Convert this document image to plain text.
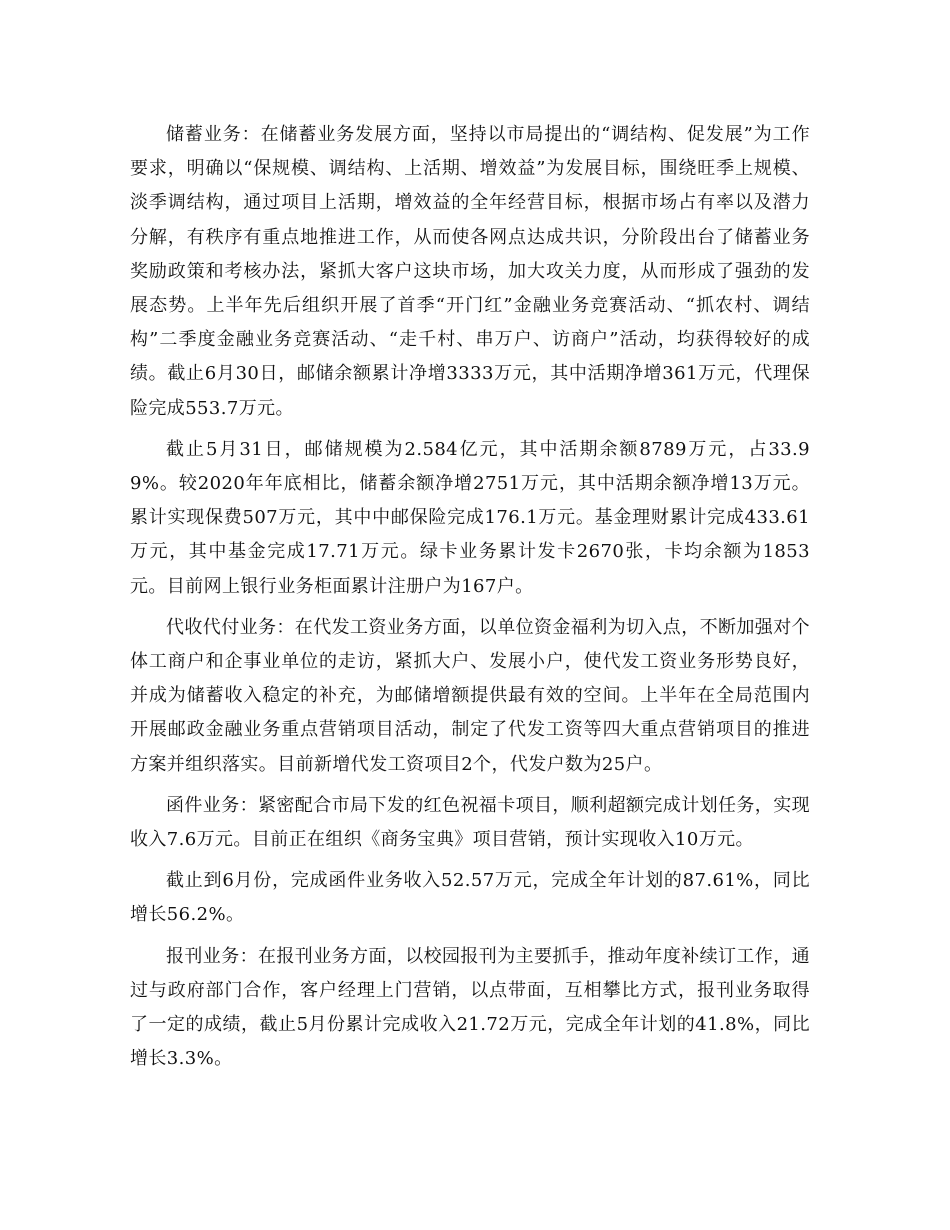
储蓄业务：在储蓄业务发展方面，坚持以市局提出的“调结构、促发展”为工作要求，明确以“保规模、调结构、上活期、增效益”为发展目标，围绕旺季上规模、淡季调结构，通过项目上活期，增效益的全年经营目标，根据市场占有率以及潜力分解，有秩序有重点地推进工作，从而使各网点达成共识，分阶段出台了储蓄业务奖励政策和考核办法，紧抓大客户这块市场，加大攻关力度，从而形成了强劲的发展态势。上半年先后组织开展了首季“开门红”金融业务竞赛活动、“抓农村、调结构”二季度金融业务竞赛活动、“走千村、串万户、访商户”活动，均获得较好的成绩。截止6月30日，邮储余额累计净增3333万元，其中活期净增361万元，代理保险完成553.7万元。

截止5月31日，邮储规模为2.584亿元，其中活期余额8789万元，占33.99%。较2020年年底相比，储蓄余额净增2751万元，其中活期余额净增13万元。累计实现保费507万元，其中中邮保险完成176.1万元。基金理财累计完成433.61万元，其中基金完成17.71万元。绿卡业务累计发卡2670张，卡均余额为1853元。目前网上银行业务柜面累计注册户为167户。

代收代付业务：在代发工资业务方面，以单位资金福利为切入点，不断加强对个体工商户和企事业单位的走访，紧抓大户、发展小户，使代发工资业务形势良好，并成为储蓄收入稳定的补充，为邮储增额提供最有效的空间。上半年在全局范围内开展邮政金融业务重点营销项目活动，制定了代发工资等四大重点营销项目的推进方案并组织落实。目前新增代发工资项目2个，代发户数为25户。

函件业务：紧密配合市局下发的红色祝福卡项目，顺利超额完成计划任务，实现收入7.6万元。目前正在组织《商务宝典》项目营销，预计实现收入10万元。

截止到6月份，完成函件业务收入52.57万元，完成全年计划的87.61%，同比增长56.2%。

报刊业务：在报刊业务方面，以校园报刊为主要抓手，推动年度补续订工作，通过与政府部门合作，客户经理上门营销，以点带面，互相攀比方式，报刊业务取得了一定的成绩，截止5月份累计完成收入21.72万元，完成全年计划的41.8%，同比增长3.3%。
